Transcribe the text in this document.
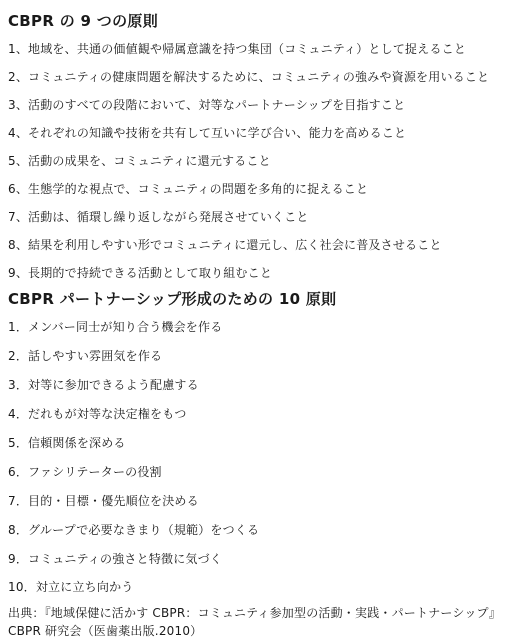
CBPR の 9 つの原則
1、地域を、共通の価値観や帰属意識を持つ集団（コミュニティ）として捉えること
2、コミュニティの健康問題を解決するために、コミュニティの強みや資源を用いること
3、活動のすべての段階において、対等なパートナーシップを目指すこと
4、それぞれの知識や技術を共有して互いに学び合い、能力を高めること
5、活動の成果を、コミュニティに還元すること
6、生態学的な視点で、コミュニティの問題を多角的に捉えること
7、活動は、循環し繰り返しながら発展させていくこと
8、結果を利用しやすい形でコミュニティに還元し、広く社会に普及させること
9、長期的で持続できる活動として取り組むこと
CBPR パートナーシップ形成のための 10 原則
1．メンバー同士が知り合う機会を作る
2．話しやすい雰囲気を作る
3．対等に参加できるよう配慮する
4．だれもが対等な決定権をもつ
5．信頼関係を深める
6．ファシリテーターの役割
7．目的・目標・優先順位を決める
8．グループで必要なきまり（規範）をつくる
9．コミュニティの強さと特徴に気づく
10．対立に立ち向かう
出典：『地域保健に活かす CBPR：コミュニティ参加型の活動・実践・パートナーシップ』
CBPR 研究会（医歯薬出版.2010）
